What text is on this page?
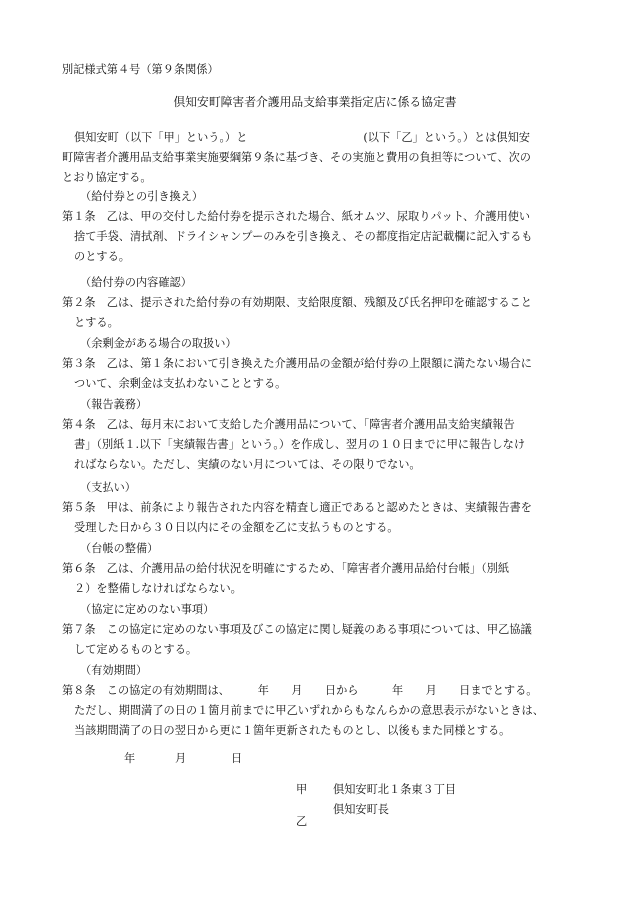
別記様式第４号（第９条関係）
倶知安町障害者介護用品支給事業指定店に係る協定書
倶知安町（以下「甲」という。）と	(以下「乙」という。）とは倶知安
町障害者介護用品支給事業実施要綱第９条に基づき、その実施と費用の負担等について、次の
とおり協定する。
（給付券との引き換え）
第１条　乙は、甲の交付した給付券を提示された場合、紙オムツ、尿取りパット、介護用使い
捨て手袋、清拭剤、ドライシャンプーのみを引き換え、その都度指定店記載欄に記入するも
のとする。
（給付券の内容確認）
第２条　乙は、提示された給付券の有効期限、支給限度額、残額及び氏名押印を確認すること
とする。
（余剰金がある場合の取扱い）
第３条　乙は、第１条において引き換えた介護用品の金額が給付券の上限額に満たない場合に
ついて、余剰金は支払わないこととする。
（報告義務）
第４条　乙は、毎月末において支給した介護用品について、「障害者介護用品支給実績報告
書」（別紙１.以下「実績報告書」という。）を作成し、翌月の１０日までに甲に報告しなけ
ればならない。ただし、実績のない月については、その限りでない。
（支払い）
第５条　甲は、前条により報告された内容を精査し適正であると認めたときは、実績報告書を
受理した日から３０日以内にその金額を乙に支払うものとする。
（台帳の整備）
第６条　乙は、介護用品の給付状況を明確にするため、「障害者介護用品給付台帳」（別紙
２）を整備しなければならない。
（協定に定めのない事項）
第７条　この協定に定めのない事項及びこの協定に関し疑義のある事項については、甲乙協議
して定めるものとする。
（有効期間）
第８条　この協定の有効期間は、　　　年　　月　　日から　　　年　　月　　日までとする。
ただし、期間満了の日の１箇月前までに甲乙いずれからもなんらかの意思表示がないときは、
当該期間満了の日の翌日から更に１箇年更新されたものとし、以後もまた同様とする。
年	月	日
甲 倶知安町北１条東３丁目
倶知安町長
乙
